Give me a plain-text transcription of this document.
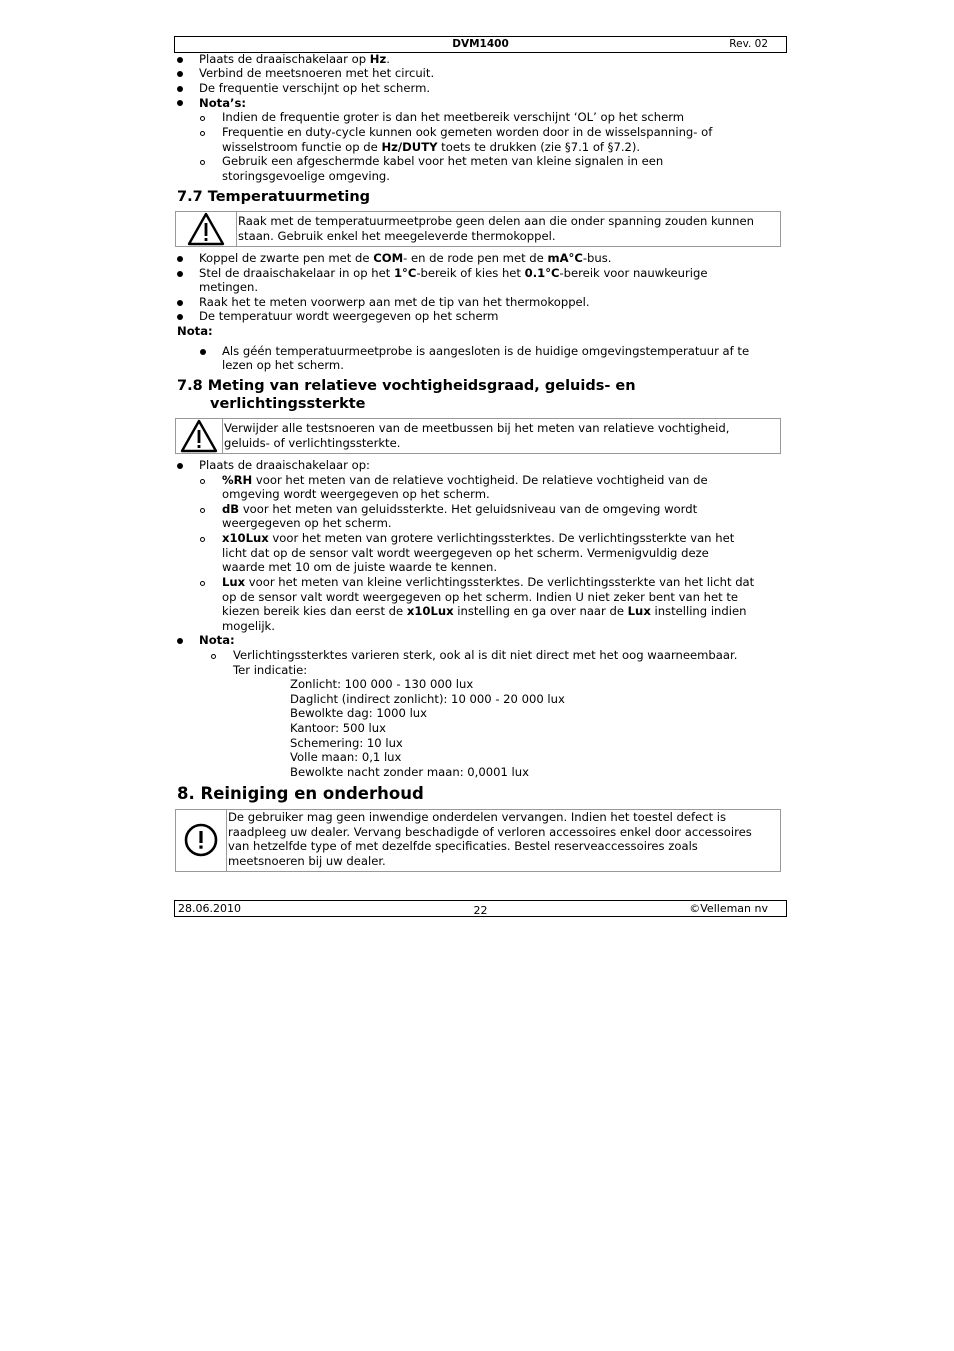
DVM1400	Rev. 02
Plaats de draaischakelaar op Hz.
Verbind de meetsnoeren met het circuit.
De frequentie verschijnt op het scherm.
Nota’s:
Indien de frequentie groter is dan het meetbereik verschijnt ‘OL’ op het scherm
Frequentie en duty-cycle kunnen ook gemeten worden door in de wisselspanning- of
wisselstroom functie op de Hz/DUTY toets te drukken (zie §7.1 of §7.2).
Gebruik een afgeschermde kabel voor het meten van kleine signalen in een
storingsgevoelige omgeving.
7.7 Temperatuurmeting
Raak met de temperatuurmeetprobe geen delen aan die onder spanning zouden kunnen
staan. Gebruik enkel het meegeleverde thermokoppel.
Koppel de zwarte pen met de COM- en de rode pen met de mA°C-bus.
Stel de draaischakelaar in op het 1°C-bereik of kies het 0.1°C-bereik voor nauwkeurige
metingen.
Raak het te meten voorwerp aan met de tip van het thermokoppel.
De temperatuur wordt weergegeven op het scherm
Nota:
Als géén temperatuurmeetprobe is aangesloten is de huidige omgevingstemperatuur af te
lezen op het scherm.
7.8 Meting van relatieve vochtigheidsgraad, geluids- en
verlichtingssterkte
Verwijder alle testsnoeren van de meetbussen bij het meten van relatieve vochtigheid,
geluids- of verlichtingssterkte.
Plaats de draaischakelaar op:
%RH voor het meten van de relatieve vochtigheid. De relatieve vochtigheid van de
omgeving wordt weergegeven op het scherm.
dB voor het meten van geluidssterkte. Het geluidsniveau van de omgeving wordt
weergegeven op het scherm.
x10Lux voor het meten van grotere verlichtingssterktes. De verlichtingssterkte van het
licht dat op de sensor valt wordt weergegeven op het scherm. Vermenigvuldig deze
waarde met 10 om de juiste waarde te kennen.
Lux voor het meten van kleine verlichtingssterktes. De verlichtingssterkte van het licht dat
op de sensor valt wordt weergegeven op het scherm. Indien U niet zeker bent van het te
kiezen bereik kies dan eerst de x10Lux instelling en ga over naar de Lux instelling indien
mogelijk.
Nota:
Verlichtingssterktes varieren sterk, ook al is dit niet direct met het oog waarneembaar.
Ter indicatie:
Zonlicht: 100 000 - 130 000 lux
Daglicht (indirect zonlicht): 10 000 - 20 000 lux
Bewolkte dag: 1000 lux
Kantoor: 500 lux
Schemering: 10 lux
Volle maan: 0,1 lux
Bewolkte nacht zonder maan: 0,0001 lux
8. Reiniging en onderhoud
De gebruiker mag geen inwendige onderdelen vervangen. Indien het toestel defect is
raadpleeg uw dealer. Vervang beschadigde of verloren accessoires enkel door accessoires
van hetzelfde type of met dezelfde specificaties. Bestel reserveaccessoires zoals
meetsnoeren bij uw dealer.
28.06.2010	22	©Velleman nv
